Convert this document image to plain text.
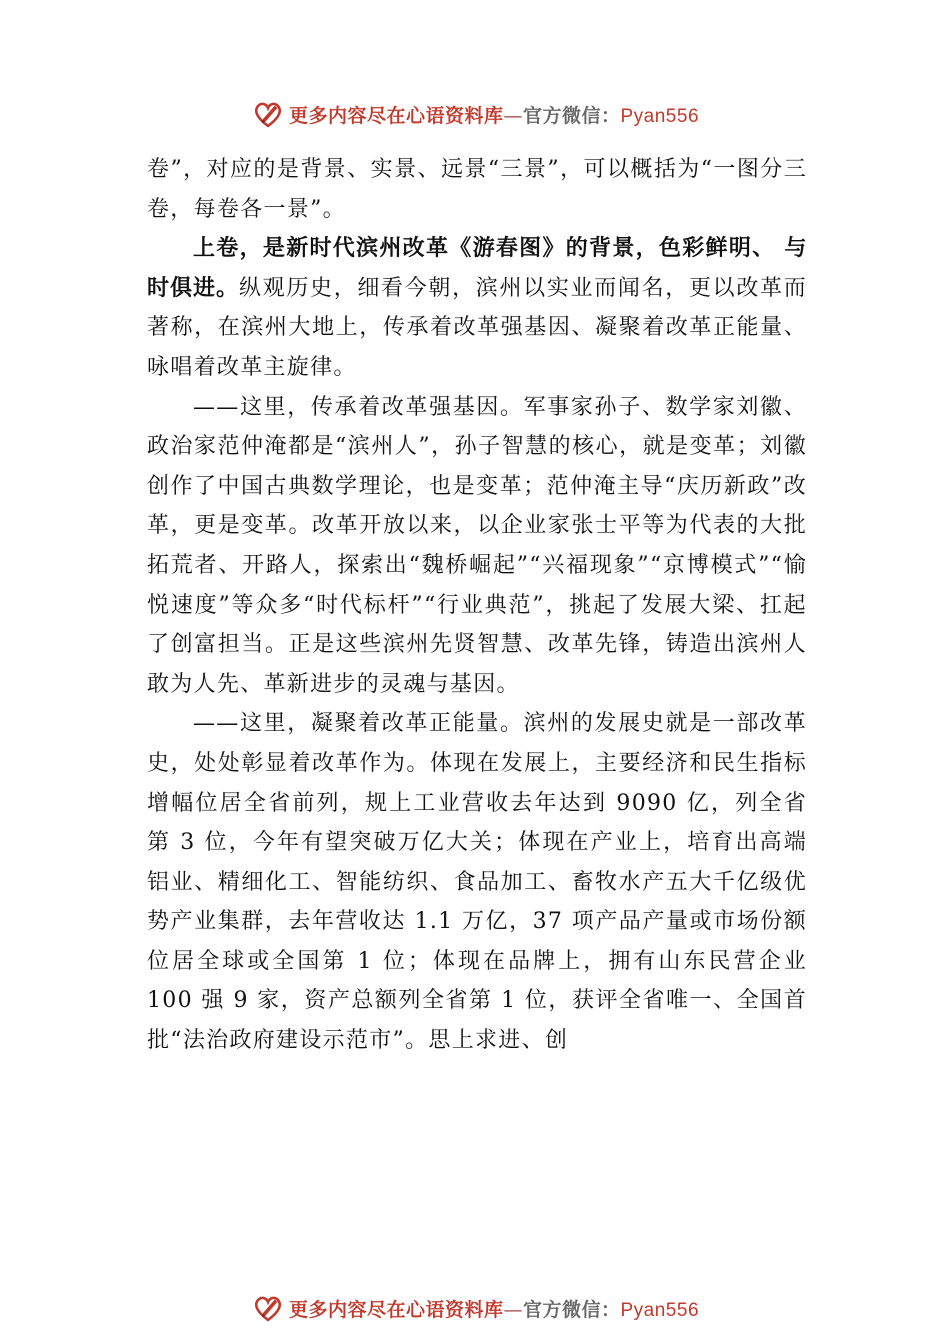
更多内容尽在心语资料库—官方微信：Pyan556

卷”，对应的是背景、实景、远景“三景”，可以概括为“一图分三卷，每卷各一景”。

上卷，是新时代滨州改革《游春图》的背景，色彩鲜明、 与时俱进。纵观历史，细看今朝，滨州以实业而闻名，更以改革而著称，在滨州大地上，传承着改革强基因、凝聚着改革正能量、咏唱着改革主旋律。

——这里，传承着改革强基因。军事家孙子、数学家刘徽、政治家范仲淹都是“滨州人”，孙子智慧的核心，就是变革；刘徽创作了中国古典数学理论，也是变革；范仲淹主导“庆历新政”改革，更是变革。改革开放以来，以企业家张士平等为代表的大批拓荒者、开路人，探索出“魏桥崛起”“兴福现象”“京博模式”“愉悦速度”等众多“时代标杆”“行业典范”，挑起了发展大梁、扛起了创富担当。正是这些滨州先贤智慧、改革先锋，铸造出滨州人敢为人先、革新进步的灵魂与基因。

——这里，凝聚着改革正能量。滨州的发展史就是一部改革史，处处彰显着改革作为。体现在发展上，主要经济和民生指标增幅位居全省前列，规上工业营收去年达到 9090 亿，列全省第 3 位，今年有望突破万亿大关；体现在产业上，培育出高端铝业、精细化工、智能纺织、食品加工、畜牧水产五大千亿级优势产业集群，去年营收达 1.1 万亿，37 项产品产量或市场份额位居全球或全国第 1 位；体现在品牌上，拥有山东民营企业 100 强 9 家，资产总额列全省第 1 位，获评全省唯一、全国首批“法治政府建设示范市”。思上求进、创

更多内容尽在心语资料库—官方微信：Pyan556
